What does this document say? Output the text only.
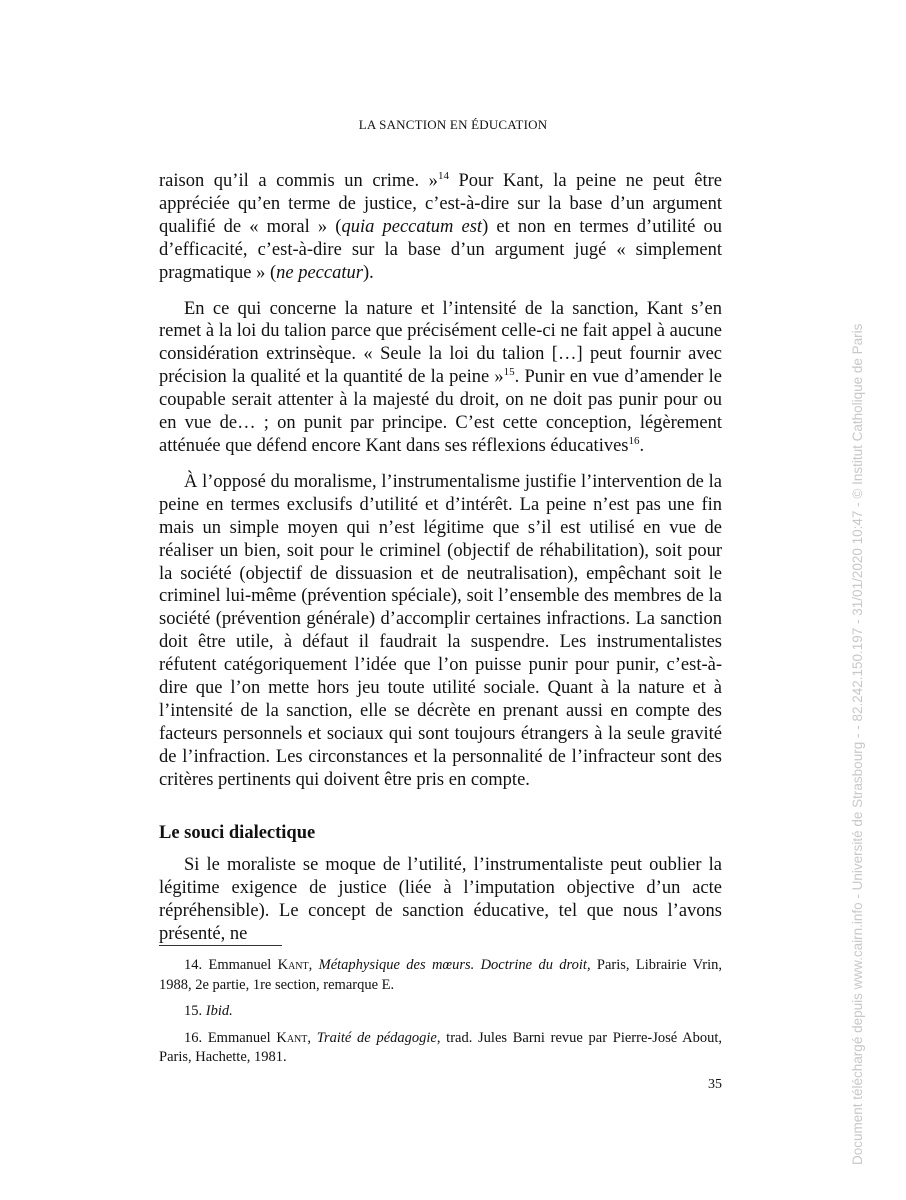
LA SANCTION EN ÉDUCATION

raison qu’il a commis un crime. »$^{14}$ Pour Kant, la peine ne peut être appréciée qu’en terme de justice, c’est-à-dire sur la base d’un argument qualifié de « moral » (quia peccatum est) et non en termes d’utilité ou d’efficacité, c’est-à-dire sur la base d’un argument jugé « simplement pragmatique » (ne peccatur).

En ce qui concerne la nature et l’intensité de la sanction, Kant s’en remet à la loi du talion parce que précisément celle-ci ne fait appel à aucune considération extrinsèque. « Seule la loi du talion […] peut fournir avec précision la qualité et la quantité de la peine »$^{15}$. Punir en vue d’amender le coupable serait attenter à la majesté du droit, on ne doit pas punir pour ou en vue de… ; on punit par principe. C’est cette conception, légèrement atténuée que défend encore Kant dans ses réflexions éducatives$^{16}$.

À l’opposé du moralisme, l’instrumentalisme justifie l’intervention de la peine en termes exclusifs d’utilité et d’intérêt. La peine n’est pas une fin mais un simple moyen qui n’est légitime que s’il est utilisé en vue de réaliser un bien, soit pour le criminel (objectif de réhabilitation), soit pour la société (objectif de dissuasion et de neutralisation), empêchant soit le criminel lui-même (prévention spéciale), soit l’ensemble des membres de la société (prévention générale) d’accomplir certaines infractions. La sanction doit être utile, à défaut il faudrait la suspendre. Les instrumentalistes réfutent catégoriquement l’idée que l’on puisse punir pour punir, c’est-à-dire que l’on mette hors jeu toute utilité sociale. Quant à la nature et à l’intensité de la sanction, elle se décrète en prenant aussi en compte des facteurs personnels et sociaux qui sont toujours étrangers à la seule gravité de l’infraction. Les circonstances et la personnalité de l’infracteur sont des critères pertinents qui doivent être pris en compte.

Le souci dialectique

Si le moraliste se moque de l’utilité, l’instrumentaliste peut oublier la légitime exigence de justice (liée à l’imputation objective d’un acte répréhensible). Le concept de sanction éducative, tel que nous l’avons présenté, ne

14. Emmanuel Kant, Métaphysique des mœurs. Doctrine du droit, Paris, Librairie Vrin, 1988, 2e partie, 1re section, remarque E.

15. Ibid.

16. Emmanuel Kant, Traité de pédagogie, trad. Jules Barni revue par Pierre-José About, Paris, Hachette, 1981.

35	Document téléchargé depuis www.cairn.info - Université de Strasbourg - - 82.242.150.197 - 31/01/2020 10:47 - © Institut Catholique de Paris
